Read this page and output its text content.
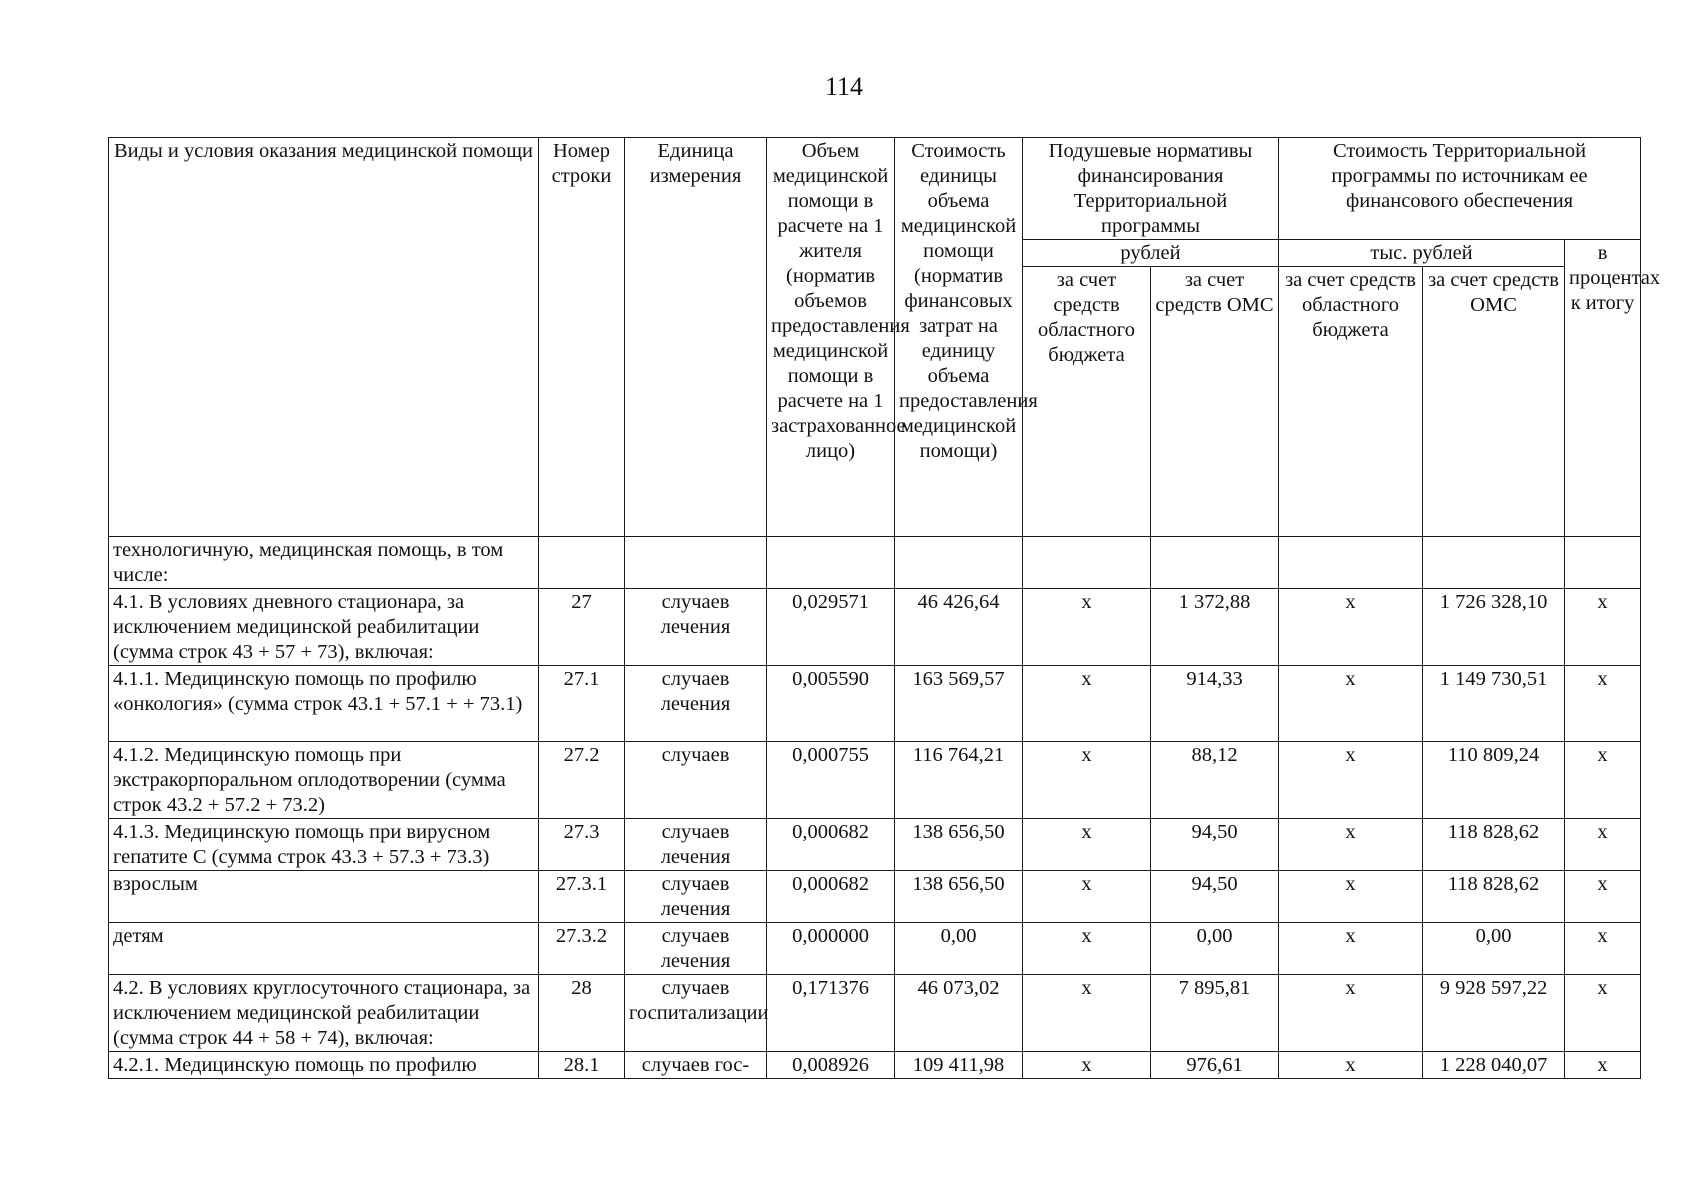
114
Виды и условия оказания медицинской помощи	Номер строки	Единица измерения	Объем медицинской помощи в расчете на 1 жителя (норматив объемов предоставления медицинской помощи в расчете на 1 застрахованное лицо)	Стоимость единицы объема медицинской помощи (норматив финансовых затрат на единицу объема предоставления медицинской помощи)	Подушевые нормативы финансирования Территориальной программы		Стоимость Территориальной программы по источникам ее финансового обеспечения		
					рублей		тыс. рублей		в процентах к итогу
					за счет средств областного бюджета	за счет средств ОМС	за счет средств областного бюджета	за счет средств ОМС	
технологичную, медицинская помощь, в том числе:									
4.1. В условиях дневного стационара, за исключением медицинской реабилитации (сумма строк 43 + 57 + 73), включая:	27	случаев лечения	0,029571	46 426,64	х	1 372,88	х	1 726 328,10	х
4.1.1. Медицинскую помощь по профилю «онкология» (сумма строк 43.1 + 57.1 + + 73.1)	27.1	случаев лечения	0,005590	163 569,57	х	914,33	х	1 149 730,51	х
4.1.2. Медицинскую помощь при экстракорпоральном оплодотворении (сумма строк 43.2 + 57.2 + 73.2)	27.2	случаев	0,000755	116 764,21	х	88,12	х	110 809,24	х
4.1.3. Медицинскую помощь при вирусном гепатите С (сумма строк 43.3 + 57.3 + 73.3)	27.3	случаев лечения	0,000682	138 656,50	х	94,50	х	118 828,62	х
взрослым	27.3.1	случаев лечения	0,000682	138 656,50	х	94,50	х	118 828,62	х
детям	27.3.2	случаев лечения	0,000000	0,00	х	0,00	х	0,00	х
4.2. В условиях круглосуточного стационара, за исключением медицинской реабилитации (сумма строк 44 + 58 + 74), включая:	28	случаев госпитализации	0,171376	46 073,02	х	7 895,81	х	9 928 597,22	х
4.2.1. Медицинскую помощь по профилю	28.1	случаев гос-	0,008926	109 411,98	х	976,61	х	1 228 040,07	х
